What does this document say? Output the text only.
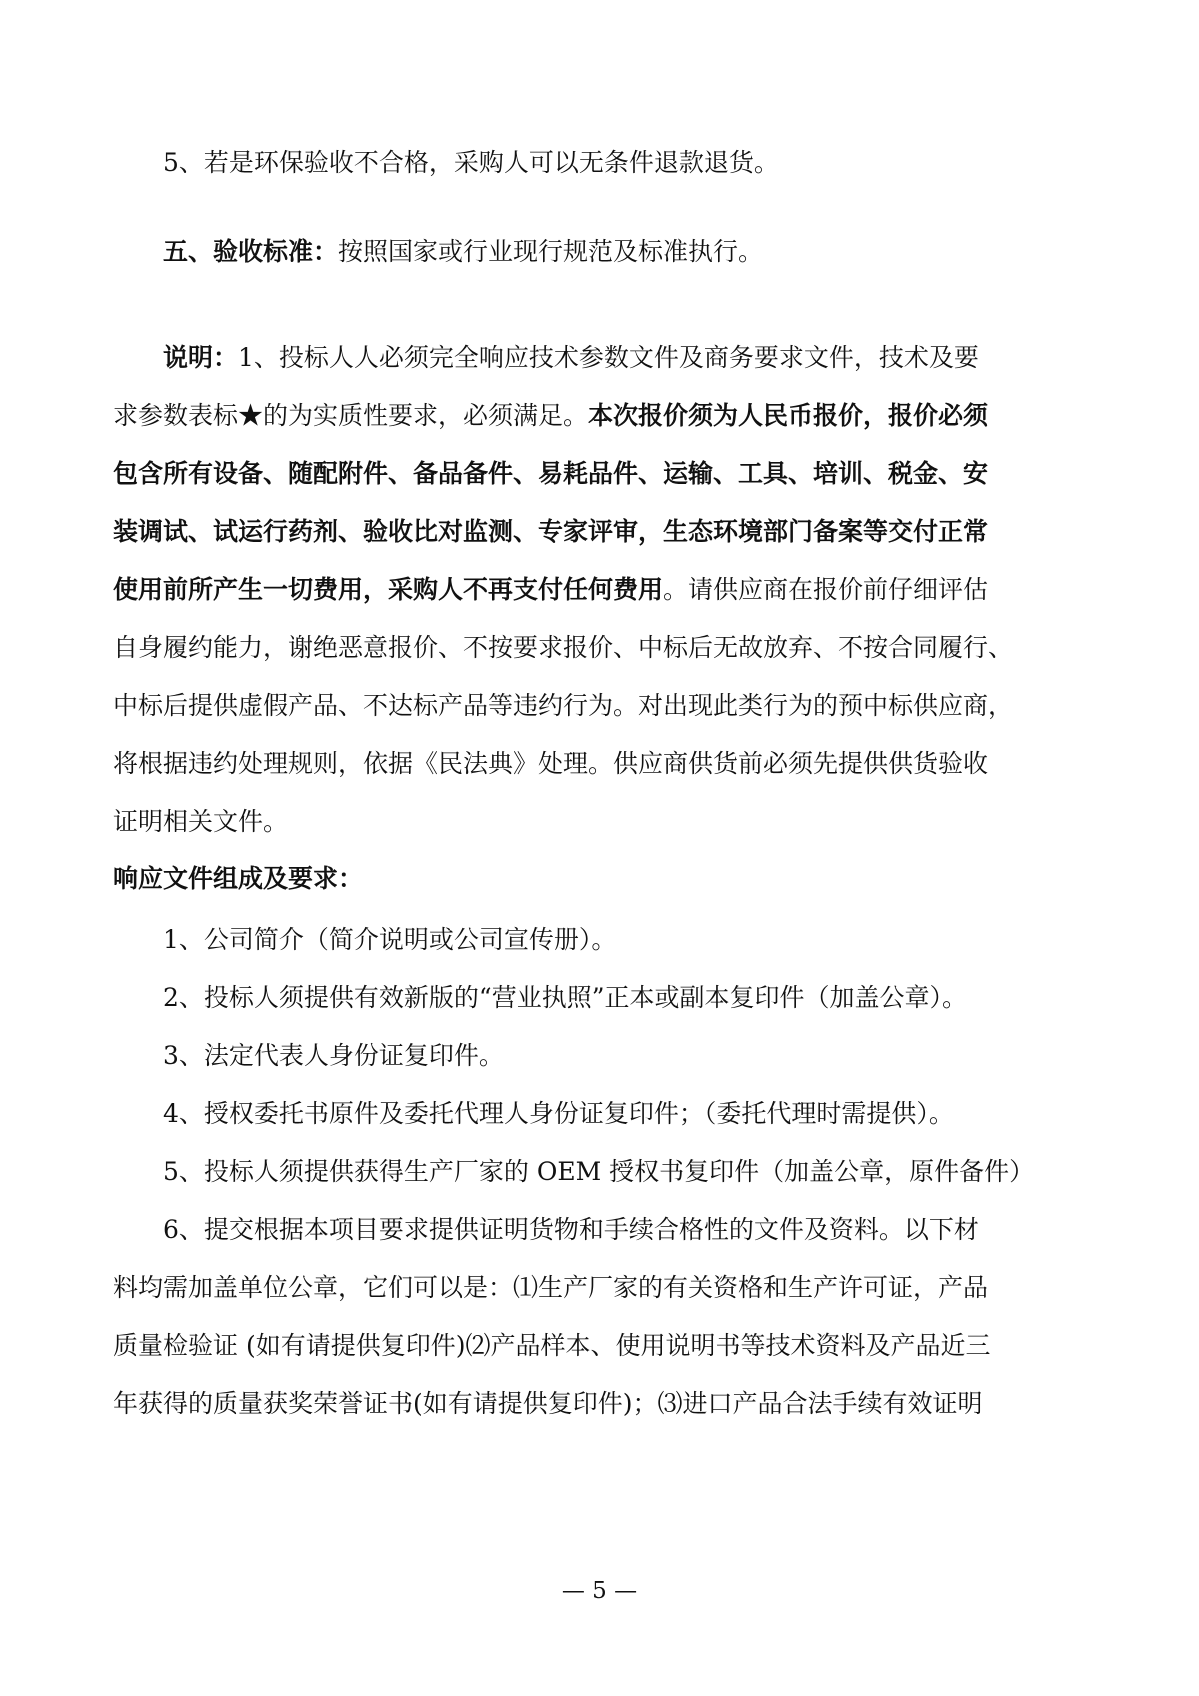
5、若是环保验收不合格，采购人可以无条件退款退货。
五、验收标准：按照国家或行业现行规范及标准执行。
说明：1、投标人人必须完全响应技术参数文件及商务要求文件，技术及要
求参数表标★的为实质性要求，必须满足。本次报价须为人民币报价，报价必须
包含所有设备、随配附件、备品备件、易耗品件、运输、工具、培训、税金、安
装调试、试运行药剂、验收比对监测、专家评审，生态环境部门备案等交付正常
使用前所产生一切费用，采购人不再支付任何费用。请供应商在报价前仔细评估
自身履约能力，谢绝恶意报价、不按要求报价、中标后无故放弃、不按合同履行、
中标后提供虚假产品、不达标产品等违约行为。对出现此类行为的预中标供应商，
将根据违约处理规则，依据《民法典》处理。供应商供货前必须先提供供货验收
证明相关文件。
响应文件组成及要求：
1、公司简介（简介说明或公司宣传册）。
2、投标人须提供有效新版的“营业执照”正本或副本复印件（加盖公章）。
3、法定代表人身份证复印件。
4、授权委托书原件及委托代理人身份证复印件；（委托代理时需提供）。
5、投标人须提供获得生产厂家的 OEM 授权书复印件（加盖公章，原件备件）
6、提交根据本项目要求提供证明货物和手续合格性的文件及资料。以下材
料均需加盖单位公章，它们可以是：⑴生产厂家的有关资格和生产许可证，产品
质量检验证 (如有请提供复印件)⑵产品样本、使用说明书等技术资料及产品近三
年获得的质量获奖荣誉证书(如有请提供复印件)；⑶进口产品合法手续有效证明
— 5 —
